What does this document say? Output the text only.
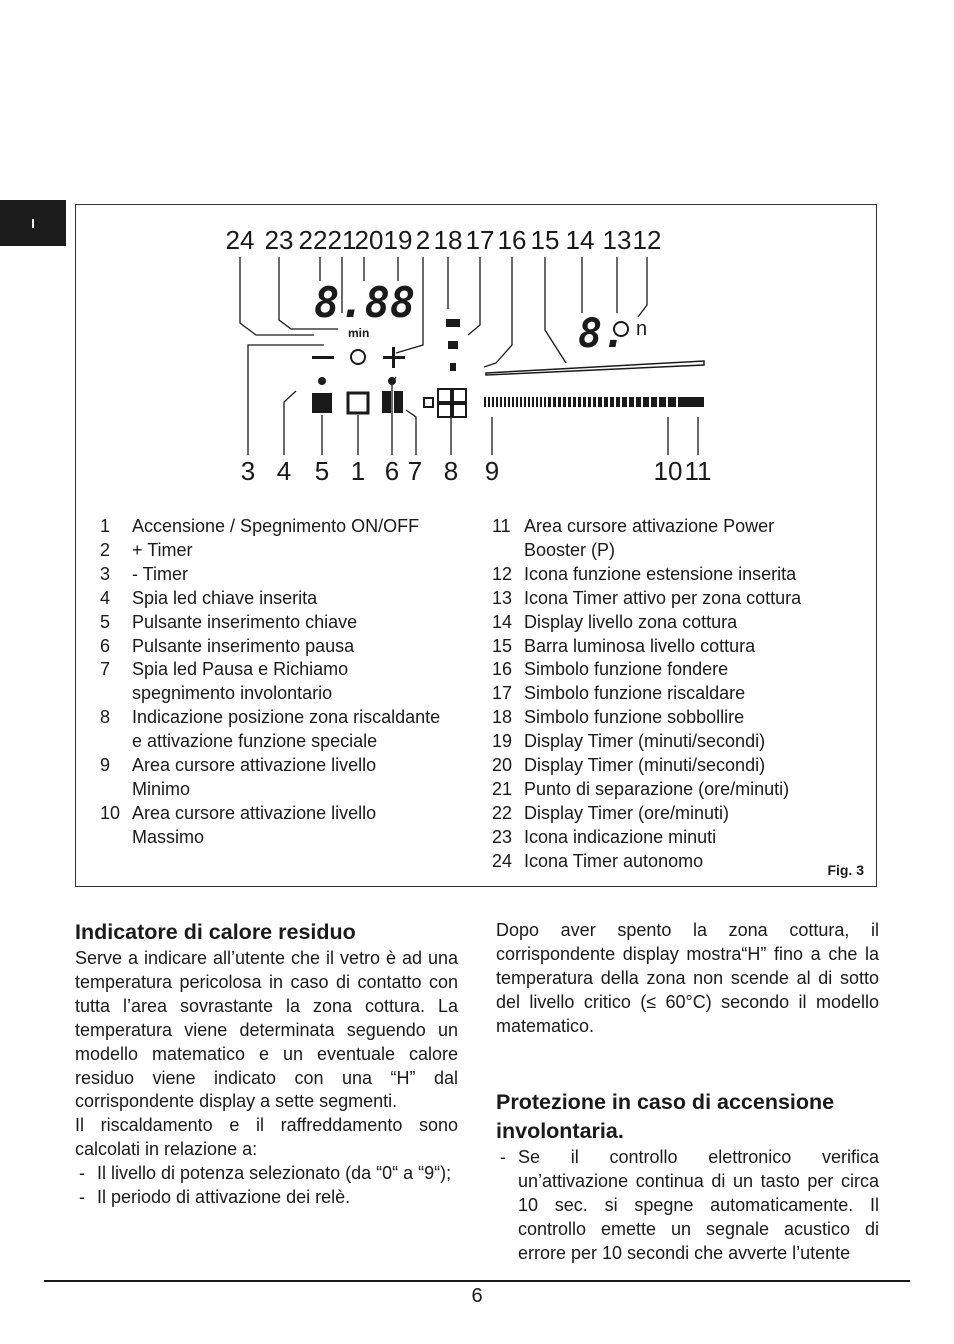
I
24 23 22 21
20 19 2 18 17 16 15 14 13 12
3 4 5 1 6 7 8 9	10 11
8.88
min	8. n
1	Accensione / Spegnimento ON/OFF
2	+ Timer
3	- Timer
4	Spia led chiave inserita
5	Pulsante inserimento chiave
6	Pulsante inserimento pausa
7	Spia led Pausa e Richiamo spegnimento involontario
8	Indicazione posizione zona riscaldante e attivazione funzione speciale
9	Area cursore attivazione livello Minimo
10 Area cursore attivazione livello Massimo
11 Area cursore attivazione Power Booster (P)
12 Icona funzione estensione inserita
13 Icona Timer attivo per zona cottura
14 Display livello zona cottura
15 Barra luminosa livello cottura
16 Simbolo funzione fondere
17 Simbolo funzione riscaldare
18 Simbolo funzione sobbollire
19 Display Timer (minuti/secondi)
20 Display Timer (minuti/secondi)
21 Punto di separazione (ore/minuti)
22 Display Timer (ore/minuti)
23 Icona indicazione minuti
24 Icona Timer autonomo	Fig. 3
Indicatore di calore residuo

Serve a indicare all’utente che il vetro è ad una temperatura pericolosa in caso di contatto con tutta l’area sovrastante la zona cottura. La temperatura viene determinata seguendo un modello matematico e un eventuale calore residuo viene indicato con una “H” dal corrispondente display a sette segmenti.

Il riscaldamento e il raffreddamento sono calcolati in relazione a:

- Il livello di potenza selezionato (da “0“ a “9“);
- Il periodo di attivazione dei relè.

Dopo aver spento la zona cottura, il corrispondente display mostra“H” fino a che la temperatura della zona non scende al di sotto del livello critico (≤ 60°C) secondo il modello matematico.

Protezione in caso di accensione involontaria.
- Se il controllo elettronico verifica un’attivazione continua di un tasto per circa 10 sec. si spegne automaticamente. Il controllo emette un segnale acustico di errore per 10 secondi che avverte l’utente
6
